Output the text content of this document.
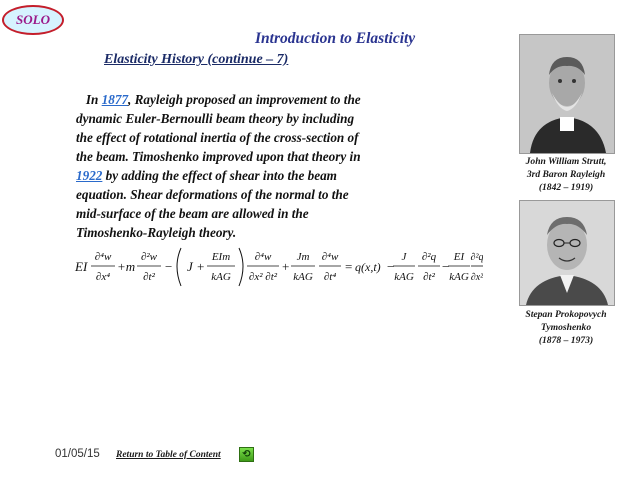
SOLO
Introduction to Elasticity
Elasticity History (continue – 7)
In 1877, Rayleigh proposed an improvement to the
dynamic Euler-Bernoulli beam theory by including
the effect of rotational inertia of the cross-section of
the beam. Timoshenko improved upon that theory in
1922 by adding the effect of shear into the beam
equation. Shear deformations of the normal to the
mid-surface of the beam are allowed in the
Timoshenko-Rayleigh theory.
EI
∂⁴w
∂x⁴
+m
∂²w
∂t²
− J +
EIm
kAG
∂⁴w
∂x² ∂t²
+
Jm
kAG
∂⁴w
∂t⁴
= q(x,t) −
J
kAG
∂²q
∂t²
−
EI
kAG
∂²q
∂x²
John William Strutt,
3rd Baron Rayleigh
(1842 – 1919)
Stepan Prokopovych
Tymoshenko
(1878 – 1973)
01/05/15 Return to Table of Content	⟲
